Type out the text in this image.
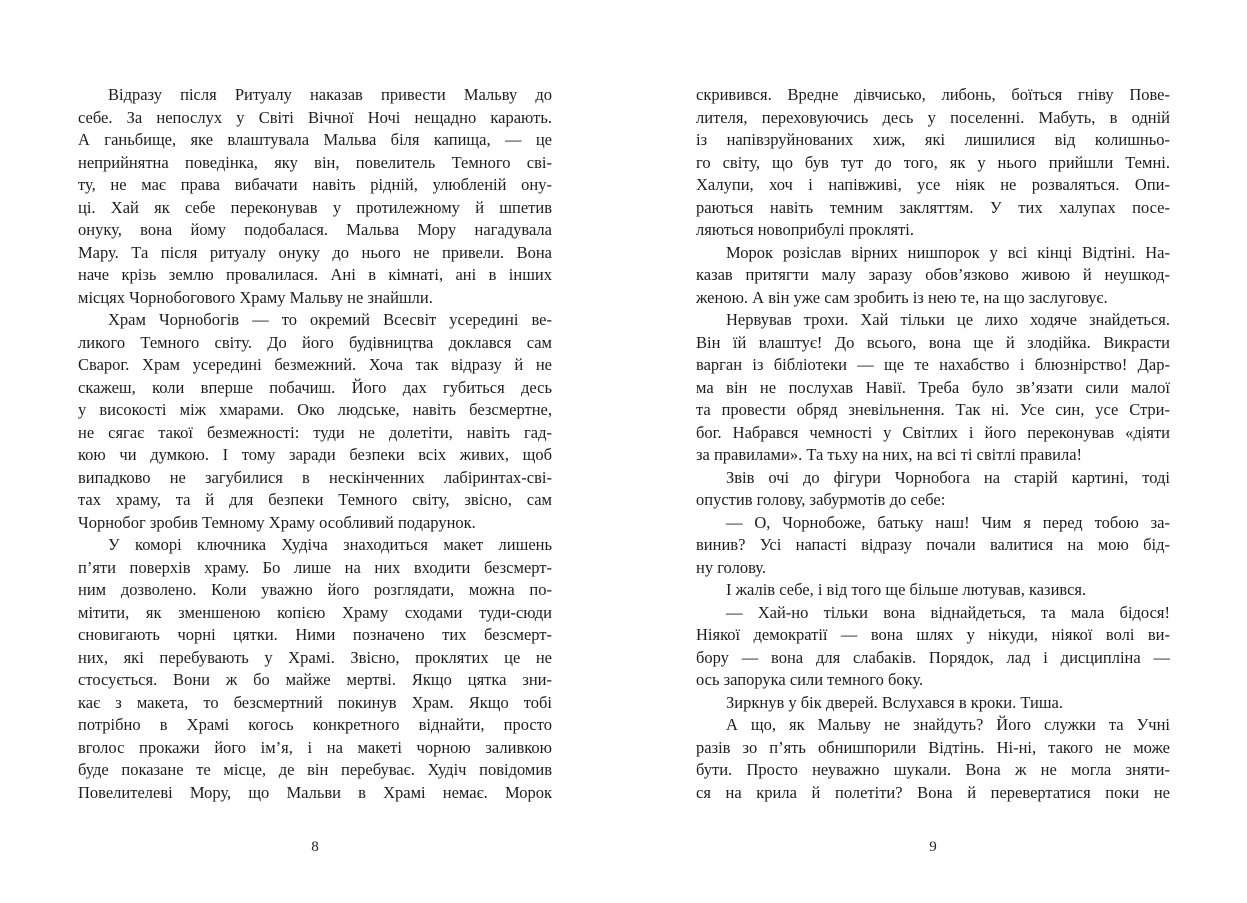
Відразу після Ритуалу наказав привести Мальву до
себе. За непослух у Світі Вічної Ночі нещадно карають.
А ганьбище, яке влаштувала Мальва біля капища, — це
неприйнятна поведінка, яку він, повелитель Темного сві-
ту, не має права вибачати навіть рідній, улюбленій ону-
ці. Хай як себе переконував у протилежному й шпетив
онуку, вона йому подобалася. Мальва Мору нагадувала
Мару. Та після ритуалу онуку до нього не привели. Вона
наче крізь землю провалилася. Ані в кімнаті, ані в інших
місцях Чорнобогового Храму Мальву не знайшли.
Храм Чорнобогів — то окремий Всесвіт усередині ве-
ликого Темного світу. До його будівництва доклався сам
Сварог. Храм усередині безмежний. Хоча так відразу й не
скажеш, коли вперше побачиш. Його дах губиться десь
у високості між хмарами. Око людське, навіть безсмертне,
не сягає такої безмежності: туди не долетіти, навіть гад-
кою чи думкою. І тому заради безпеки всіх живих, щоб
випадково не загубилися в нескінченних лабіринтах-сві-
тах храму, та й для безпеки Темного світу, звісно, сам
Чорнобог зробив Темному Храму особливий подарунок.
У коморі ключника Худіча знаходиться макет лишень
п’яти поверхів храму. Бо лише на них входити безсмерт-
ним дозволено. Коли уважно його розглядати, можна по-
мітити, як зменшеною копією Храму сходами туди-сюди
сновигають чорні цятки. Ними позначено тих безсмерт-
них, які перебувають у Храмі. Звісно, проклятих це не
стосується. Вони ж бо майже мертві. Якщо цятка зни-
кає з макета, то безсмертний покинув Храм. Якщо тобі
потрібно в Храмі когось конкретного віднайти, просто
вголос прокажи його ім’я, і на макеті чорною заливкою
буде показане те місце, де він перебуває. Худіч повідомив
Повелителеві Мору, що Мальви в Храмі немає. Морок
скривився. Вредне дівчисько, либонь, боїться гніву Пове-
лителя, переховуючись десь у поселенні. Мабуть, в одній
із напівзруйнованих хиж, які лишилися від колишньо-
го світу, що був тут до того, як у нього прийшли Темні.
Халупи, хоч і напівживі, усе ніяк не розваляться. Опи-
раються навіть темним закляттям. У тих халупах посе-
ляються новоприбулі прокляті.
Морок розіслав вірних нишпорок у всі кінці Відтіні. На-
казав притягти малу заразу обов’язково живою й неушкод-
женою. А він уже сам зробить із нею те, на що заслуговує.
Нервував трохи. Хай тільки це лихо ходяче знайдеться.
Він їй влаштує! До всього, вона ще й злодійка. Викрасти
варган із бібліотеки — ще те нахабство і блюзнірство! Дар-
ма він не послухав Навії. Треба було зв’язати сили малої
та провести обряд зневільнення. Так ні. Усе син, усе Стри-
бог. Набрався чемності у Світлих і його переконував «діяти
за правилами». Та тьху на них, на всі ті світлі правила!
Звів очі до фігури Чорнобога на старій картині, тоді
опустив голову, забурмотів до себе:
— О, Чорнобоже, батьку наш! Чим я перед тобою за-
винив? Усі напасті відразу почали валитися на мою бід-
ну голову.
І жалів себе, і від того ще більше лютував, казився.
— Хай-но тільки вона віднайдеться, та мала бідося!
Ніякої демократії — вона шлях у нікуди, ніякої волі ви-
бору — вона для слабаків. Порядок, лад і дисципліна —
ось запорука сили темного боку.
Зиркнув у бік дверей. Вслухався в кроки. Тиша.
А що, як Мальву не знайдуть? Його служки та Учні
разів зо п’ять обнишпорили Відтінь. Ні-ні, такого не може
бути. Просто неуважно шукали. Вона ж не могла зняти-
ся на крила й полетіти? Вона й перевертатися поки не
8	9
